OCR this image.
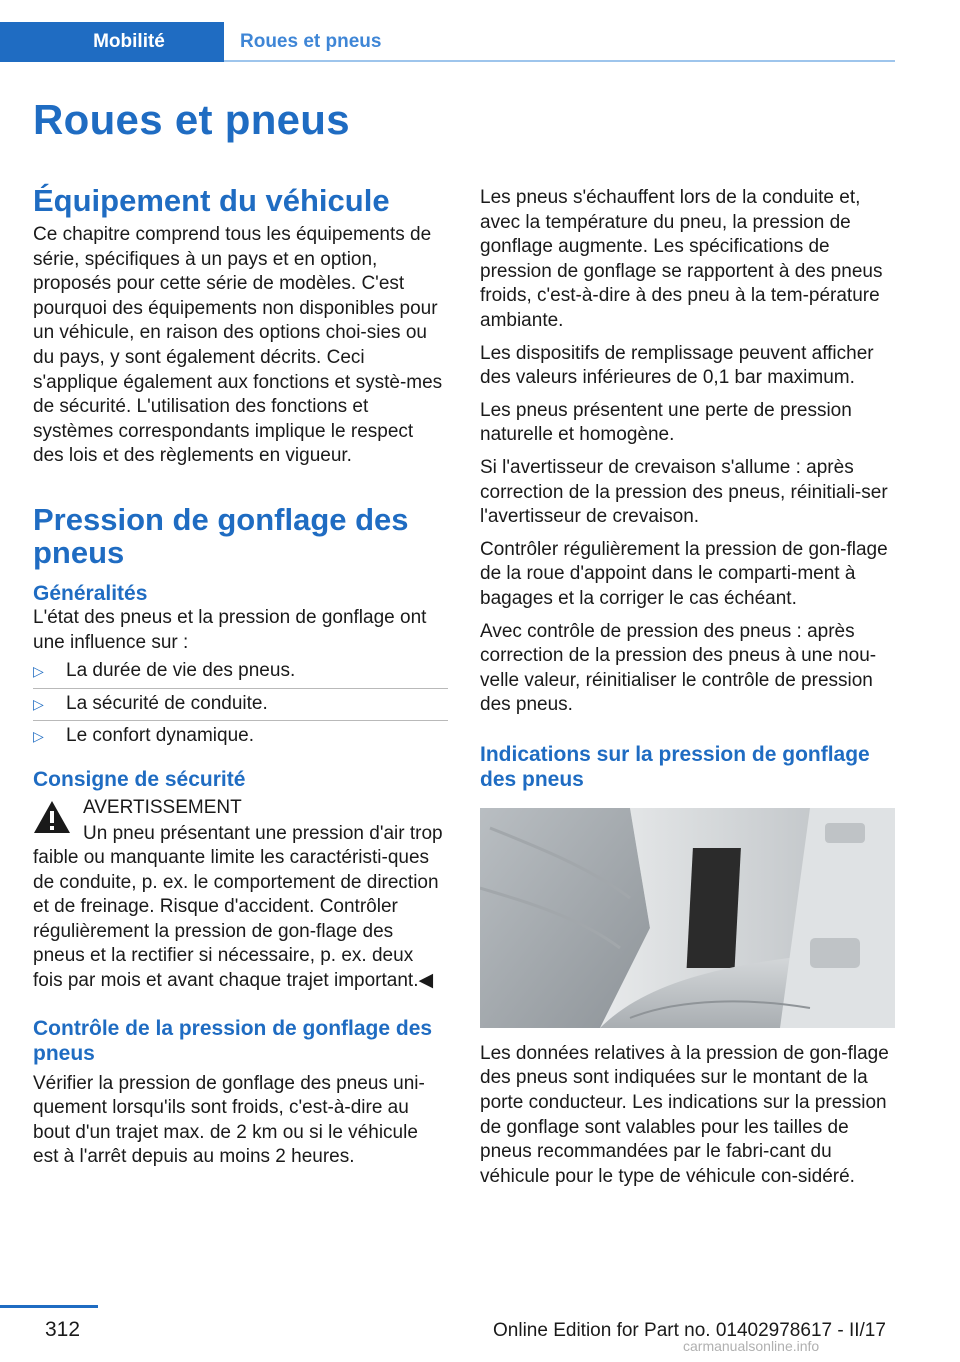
Mobilité	Roues et pneus
Roues et pneus
Équipement du véhicule

Ce chapitre comprend tous les équipements de série, spécifiques à un pays et en option, proposés pour cette série de modèles. C'est pourquoi des équipements non disponibles pour un véhicule, en raison des options choi-sies ou du pays, y sont également décrits. Ceci s'applique également aux fonctions et systè-mes de sécurité. L'utilisation des fonctions et systèmes correspondants implique le respect des lois et des règlements en vigueur.

Pression de gonflage des pneus
Généralités

L'état des pneus et la pression de gonflage ont une influence sur :

▷ La durée de vie des pneus.
▷ La sécurité de conduite.
▷ Le confort dynamique.
Consigne de sécurité

AVERTISSEMENT

Un pneu présentant une pression d'air trop faible ou manquante limite les caractéristi-ques de conduite, p. ex. le comportement de direction et de freinage. Risque d'accident. Contrôler régulièrement la pression de gon-flage des pneus et la rectifier si nécessaire, p. ex. deux fois par mois et avant chaque trajet important.◀

Contrôle de la pression de gonflage des pneus

Vérifier la pression de gonflage des pneus uni-quement lorsqu'ils sont froids, c'est-à-dire au bout d'un trajet max. de 2 km ou si le véhicule est à l'arrêt depuis au moins 2 heures.

Les pneus s'échauffent lors de la conduite et, avec la température du pneu, la pression de gonflage augmente. Les spécifications de pression de gonflage se rapportent à des pneus froids, c'est-à-dire à des pneu à la tem-pérature ambiante.

Les dispositifs de remplissage peuvent afficher des valeurs inférieures de 0,1 bar maximum.

Les pneus présentent une perte de pression naturelle et homogène.

Si l'avertisseur de crevaison s'allume : après correction de la pression des pneus, réinitiali-ser l'avertisseur de crevaison.

Contrôler régulièrement la pression de gon-flage de la roue d'appoint dans le comparti-ment à bagages et la corriger le cas échéant.

Avec contrôle de pression des pneus : après correction de la pression des pneus à une nou-velle valeur, réinitialiser le contrôle de pression des pneus.

Indications sur la pression de gonflage des pneus

Les données relatives à la pression de gon-flage des pneus sont indiquées sur le montant de la porte conducteur. Les indications sur la pression de gonflage sont valables pour les tailles de pneus recommandées par le fabri-cant du véhicule pour le type de véhicule con-sidéré.

312	Online Edition for Part no. 01402978617 - II/17
carmanualsonline.info
